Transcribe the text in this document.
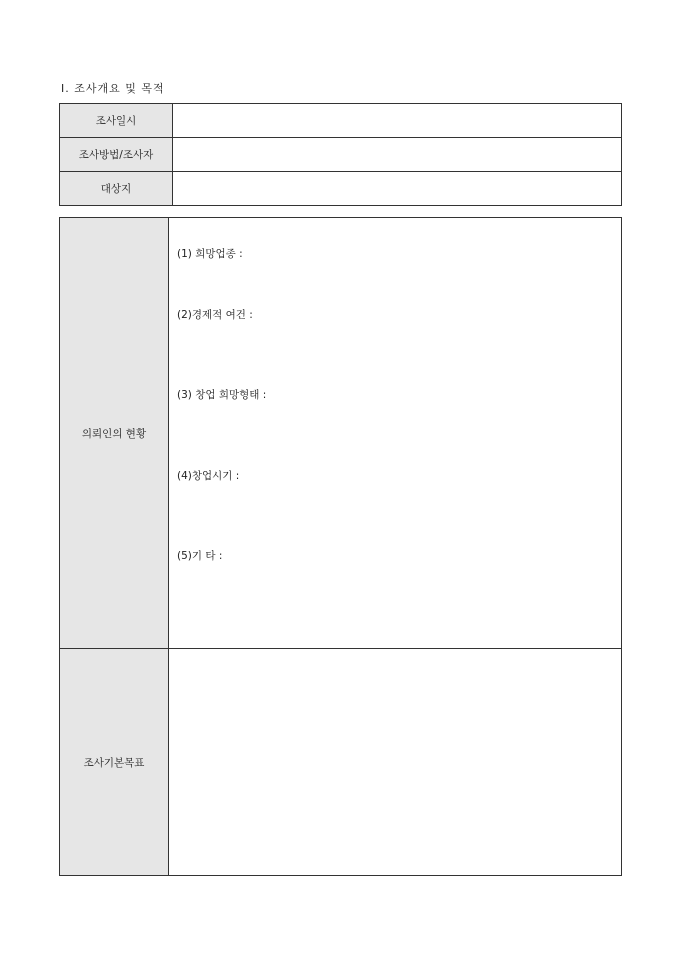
Ⅰ. 조사개요 및 목적
조사일시	
조사방법/조사자	
대상지	
의뢰인의 현황	(1) 희망업종 :
(2)경제적 여건 :
(3) 창업 희망형태 :
(4)창업시기 :
(5)기 타 :

조사기본목표	
